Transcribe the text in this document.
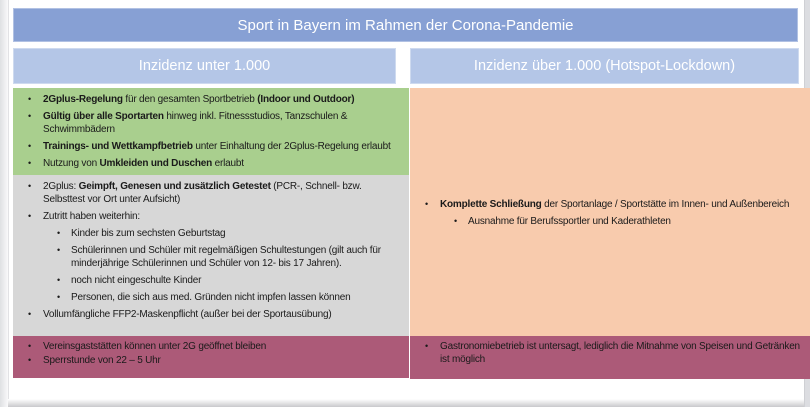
Sport in Bayern im Rahmen der Corona-Pandemie
Inzidenz unter 1.000	Inzidenz über 1.000 (Hotspot-Lockdown)
• 2Gplus-Regelung für den gesamten Sportbetrieb (Indoor und Outdoor)
• Gültig über alle Sportarten hinweg inkl. Fitnessstudios, Tanzschulen & Schwimmbädern
• Trainings- und Wettkampfbetrieb unter Einhaltung der 2Gplus-Regelung erlaubt
• Nutzung von Umkleiden und Duschen erlaubt
• 2Gplus: Geimpft, Genesen und zusätzlich Getestet (PCR-, Schnell- bzw. Selbsttest vor Ort unter Aufsicht)
• Zutritt haben weiterhin:
• Kinder bis zum sechsten Geburtstag
• Schülerinnen und Schüler mit regelmäßigen Schultestungen (gilt auch für minderjährige Schülerinnen und Schüler von 12- bis 17 Jahren).
• noch nicht eingeschulte Kinder
• Personen, die sich aus med. Gründen nicht impfen lassen können
• Vollumfängliche FFP2-Maskenpflicht (außer bei der Sportausübung)
• Vereinsgaststätten können unter 2G geöffnet bleiben
• Sperrstunde von 22 – 5 Uhr
• Komplette Schließung der Sportanlage / Sportstätte im Innen- und Außenbereich
• Ausnahme für Berufssportler und Kaderathleten
• Gastronomiebetrieb ist untersagt, lediglich die Mitnahme von Speisen und Getränken ist möglich
